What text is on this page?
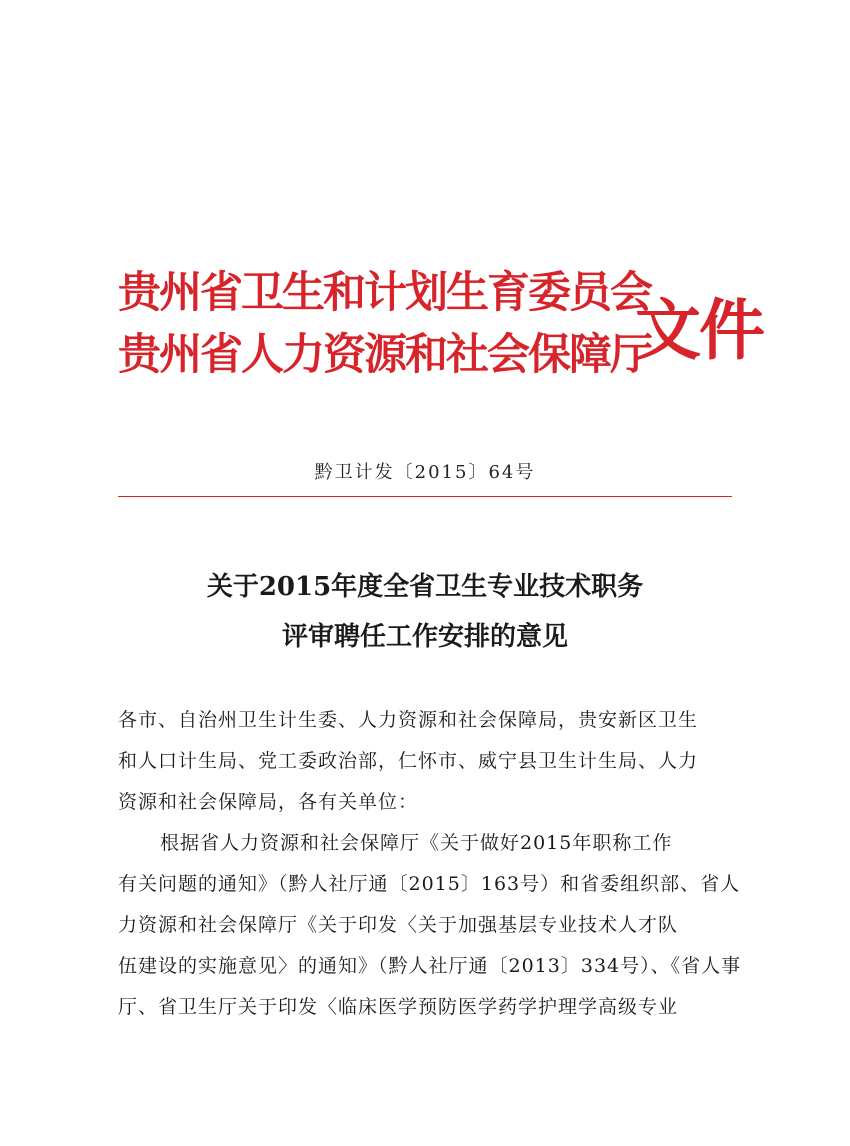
贵州省卫生和计划生育委员会
贵州省人力资源和社会保障厅
文件
黔卫计发〔2015〕64号
关于2015年度全省卫生专业技术职务
评审聘任工作安排的意见
各市、自治州卫生计生委、人力资源和社会保障局，贵安新区卫生
和人口计生局、党工委政治部，仁怀市、威宁县卫生计生局、人力
资源和社会保障局，各有关单位：
根据省人力资源和社会保障厅《关于做好2015年职称工作
有关问题的通知》（黔人社厅通〔2015〕163号）和省委组织部、省人
力资源和社会保障厅《关于印发〈关于加强基层专业技术人才队
伍建设的实施意见〉的通知》（黔人社厅通〔2013〕334号）、《省人事
厅、省卫生厅关于印发〈临床医学预防医学药学护理学高级专业
